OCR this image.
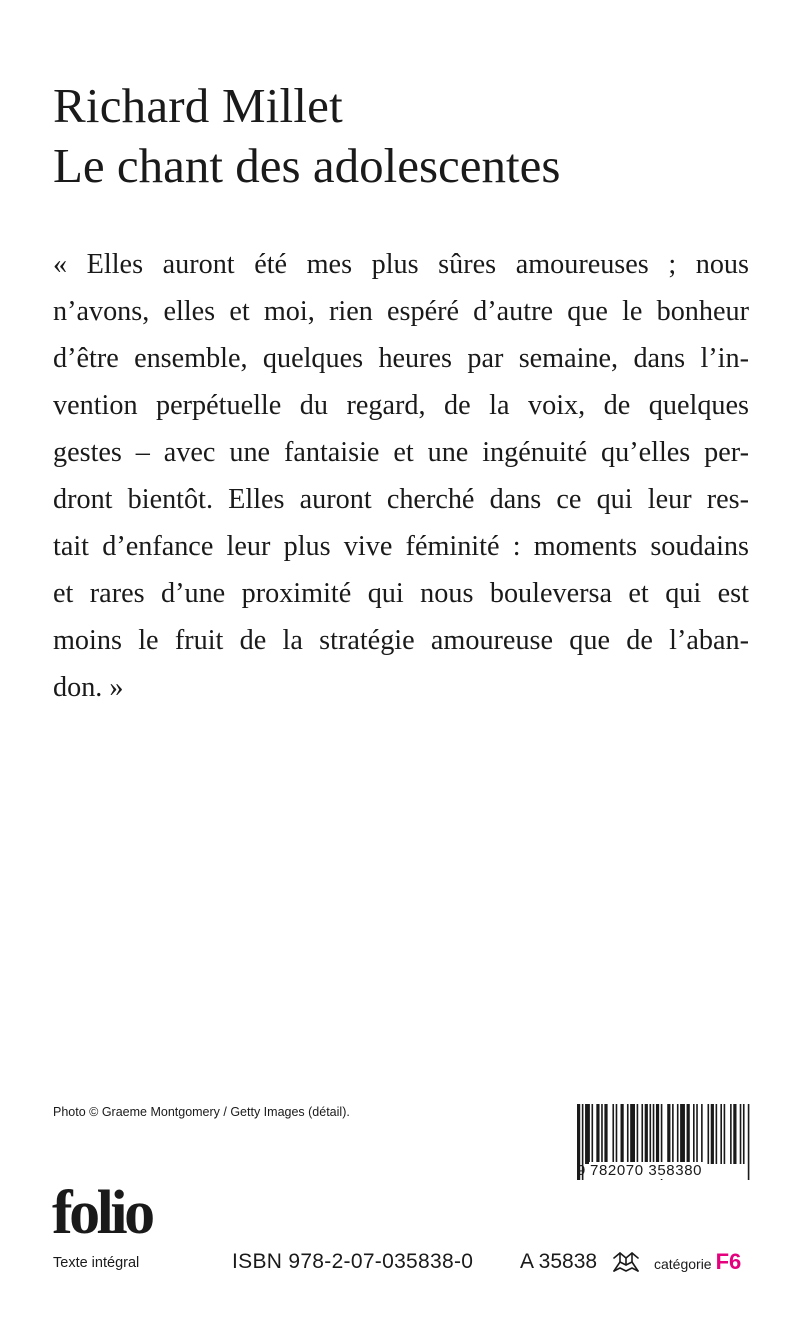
Richard Millet
Le chant des adolescentes
« Elles auront été mes plus sûres amoureuses ; nous
n’avons, elles et moi, rien espéré d’autre que le bonheur
d’être ensemble, quelques heures par semaine, dans l’in-
vention perpétuelle du regard, de la voix, de quelques
gestes – avec une fantaisie et une ingénuité qu’elles per-
dront bientôt. Elles auront cherché dans ce qui leur res-
tait d’enfance leur plus vive féminité : moments soudains
et rares d’une proximité qui nous bouleversa et qui est
moins le fruit de la stratégie amoureuse que de l’aban-
don. »
Photo © Graeme Montgomery / Getty Images (détail).
9 782070 358380
folio
Texte intégral	ISBN 978-2-07-035838-0 A 35838	catégorie F6
